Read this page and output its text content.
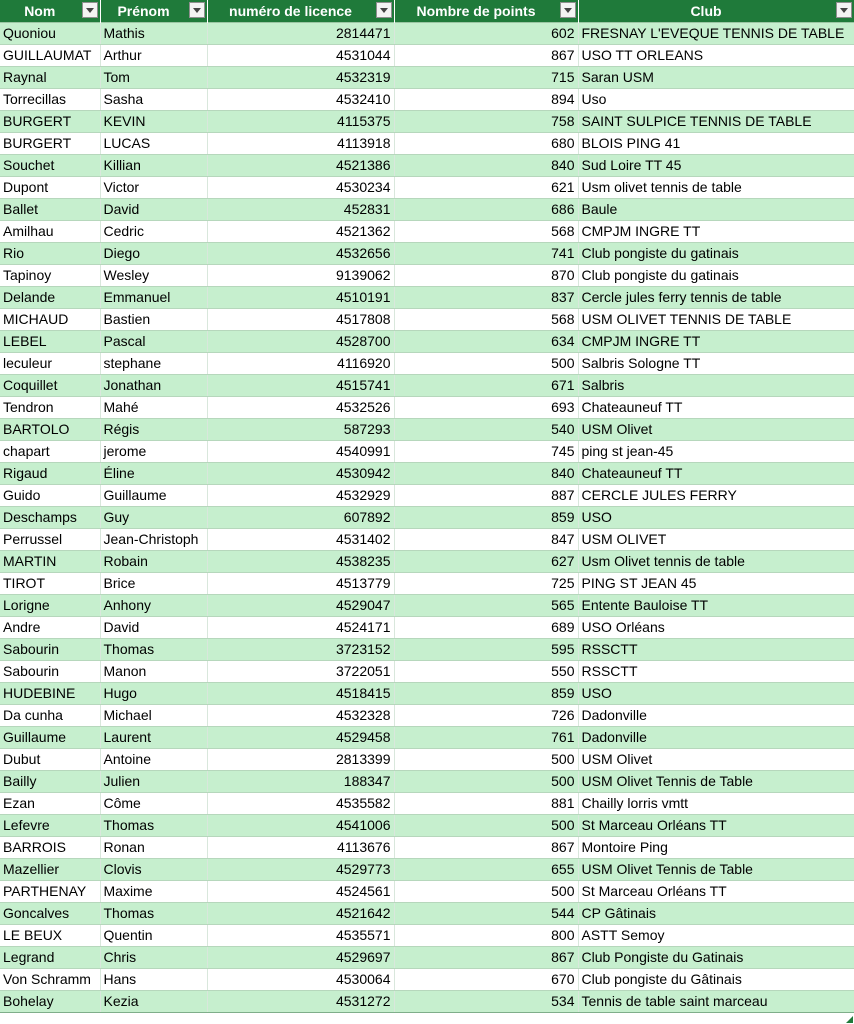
Nom	Prénom	numéro de licence	Nombre de points	Club

Quoniou	Mathis	2814471	602	FRESNAY L'EVEQUE TENNIS DE TABLE
GUILLAUMAT	Arthur	4531044	867	USO TT ORLEANS
Raynal	Tom	4532319	715	Saran USM
Torrecillas	Sasha	4532410	894	Uso
BURGERT	KEVIN	4115375	758	SAINT SULPICE TENNIS DE TABLE
BURGERT	LUCAS	4113918	680	BLOIS PING 41
Souchet	Killian	4521386	840	Sud Loire TT 45
Dupont	Victor	4530234	621	Usm olivet tennis de table
Ballet	David	452831	686	Baule
Amilhau	Cedric	4521362	568	CMPJM INGRE TT
Rio	Diego	4532656	741	Club pongiste du gatinais
Tapinoy	Wesley	9139062	870	Club pongiste du gatinais
Delande	Emmanuel	4510191	837	Cercle jules ferry tennis de table
MICHAUD	Bastien	4517808	568	USM OLIVET TENNIS DE TABLE
LEBEL	Pascal	4528700	634	CMPJM INGRE TT
leculeur	stephane	4116920	500	Salbris Sologne TT
Coquillet	Jonathan	4515741	671	Salbris
Tendron	Mahé	4532526	693	Chateauneuf TT
BARTOLO	Régis	587293	540	USM Olivet
chapart	jerome	4540991	745	ping st jean-45
Rigaud	Éline	4530942	840	Chateauneuf TT
Guido	Guillaume	4532929	887	CERCLE JULES FERRY
Deschamps	Guy	607892	859	USO
Perrussel	Jean-Christoph	4531402	847	USM OLIVET
MARTIN	Robain	4538235	627	Usm Olivet tennis de table
TIROT	Brice	4513779	725	PING ST JEAN 45
Lorigne	Anhony	4529047	565	Entente Bauloise TT
Andre	David	4524171	689	USO Orléans
Sabourin	Thomas	3723152	595	RSSCTT
Sabourin	Manon	3722051	550	RSSCTT
HUDEBINE	Hugo	4518415	859	USO
Da cunha	Michael	4532328	726	Dadonville
Guillaume	Laurent	4529458	761	Dadonville
Dubut	Antoine	2813399	500	USM Olivet
Bailly	Julien	188347	500	USM Olivet Tennis de Table
Ezan	Côme	4535582	881	Chailly lorris vmtt
Lefevre	Thomas	4541006	500	St Marceau Orléans TT
BARROIS	Ronan	4113676	867	Montoire Ping
Mazellier	Clovis	4529773	655	USM Olivet Tennis de Table
PARTHENAY	Maxime	4524561	500	St Marceau Orléans TT
Goncalves	Thomas	4521642	544	CP Gâtinais
LE BEUX	Quentin	4535571	800	ASTT Semoy
Legrand	Chris	4529697	867	Club Pongiste du Gatinais
Von Schramm	Hans	4530064	670	Club pongiste du Gâtinais
Bohelay	Kezia	4531272	534	Tennis de table saint marceau
